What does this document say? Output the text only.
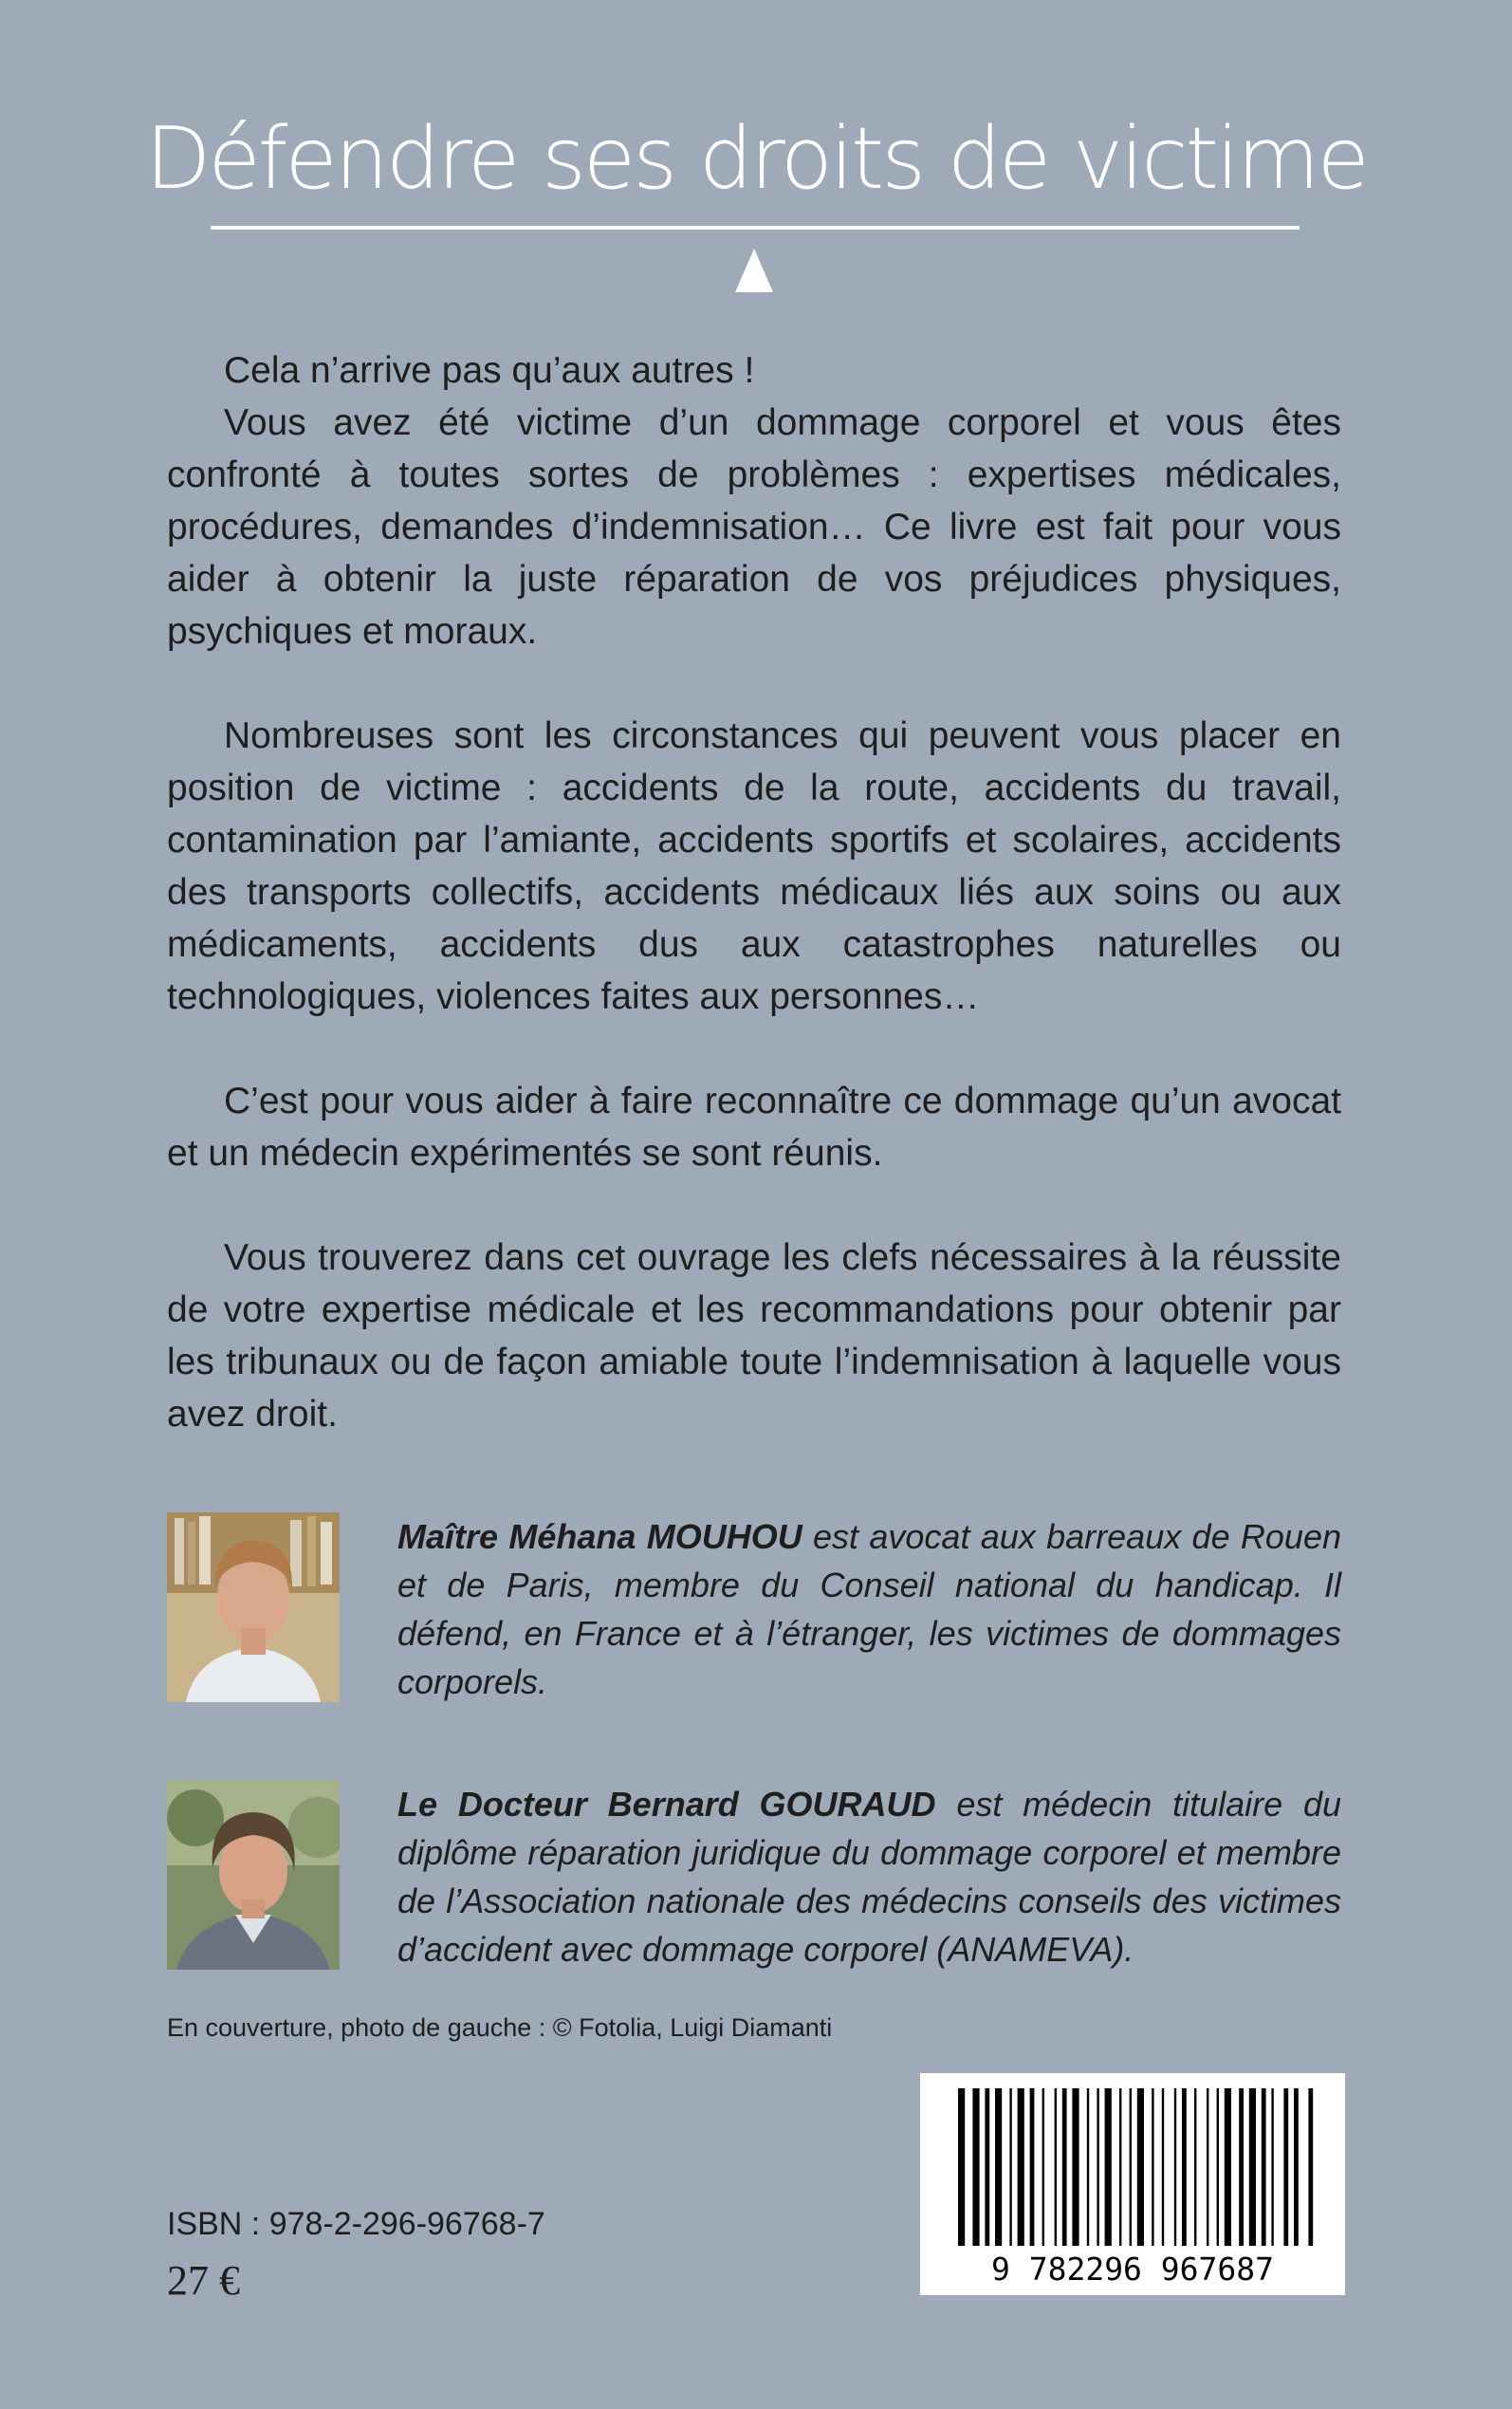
Défendre ses droits de victime

Cela n’arrive pas qu’aux autres !

Vous avez été victime d’un dommage corporel et vous êtes confronté à toutes sortes de problèmes : expertises médicales, procédures, demandes d’indemnisation… Ce livre est fait pour vous aider à obtenir la juste réparation de vos préjudices physiques, psychiques et moraux.

Nombreuses sont les circonstances qui peuvent vous placer en position de victime : accidents de la route, accidents du travail, contamination par l’amiante, accidents sportifs et scolaires, accidents des transports collectifs, accidents médicaux liés aux soins ou aux médicaments, accidents dus aux catastrophes naturelles ou technologiques, violences faites aux personnes…

C’est pour vous aider à faire reconnaître ce dommage qu’un avocat et un médecin expérimentés se sont réunis.

Vous trouverez dans cet ouvrage les clefs nécessaires à la réussite de votre expertise médicale et les recommandations pour obtenir par les tribunaux ou de façon amiable toute l’indemnisation à laquelle vous avez droit.

Maître Méhana MOUHOU est avocat aux barreaux de Rouen et de Paris, membre du Conseil national du handicap. Il défend, en France et à l’étranger, les victimes de dommages corporels.
Le Docteur Bernard GOURAUD est médecin titulaire du diplôme réparation juridique du dommage corporel et membre de l’Association nationale des médecins conseils des victimes d’accident avec dommage corporel (ANAMEVA).
En couverture, photo de gauche : © Fotolia, Luigi Diamanti
ISBN : 978-2-296-96768-7
27 €	9 782296 967687
